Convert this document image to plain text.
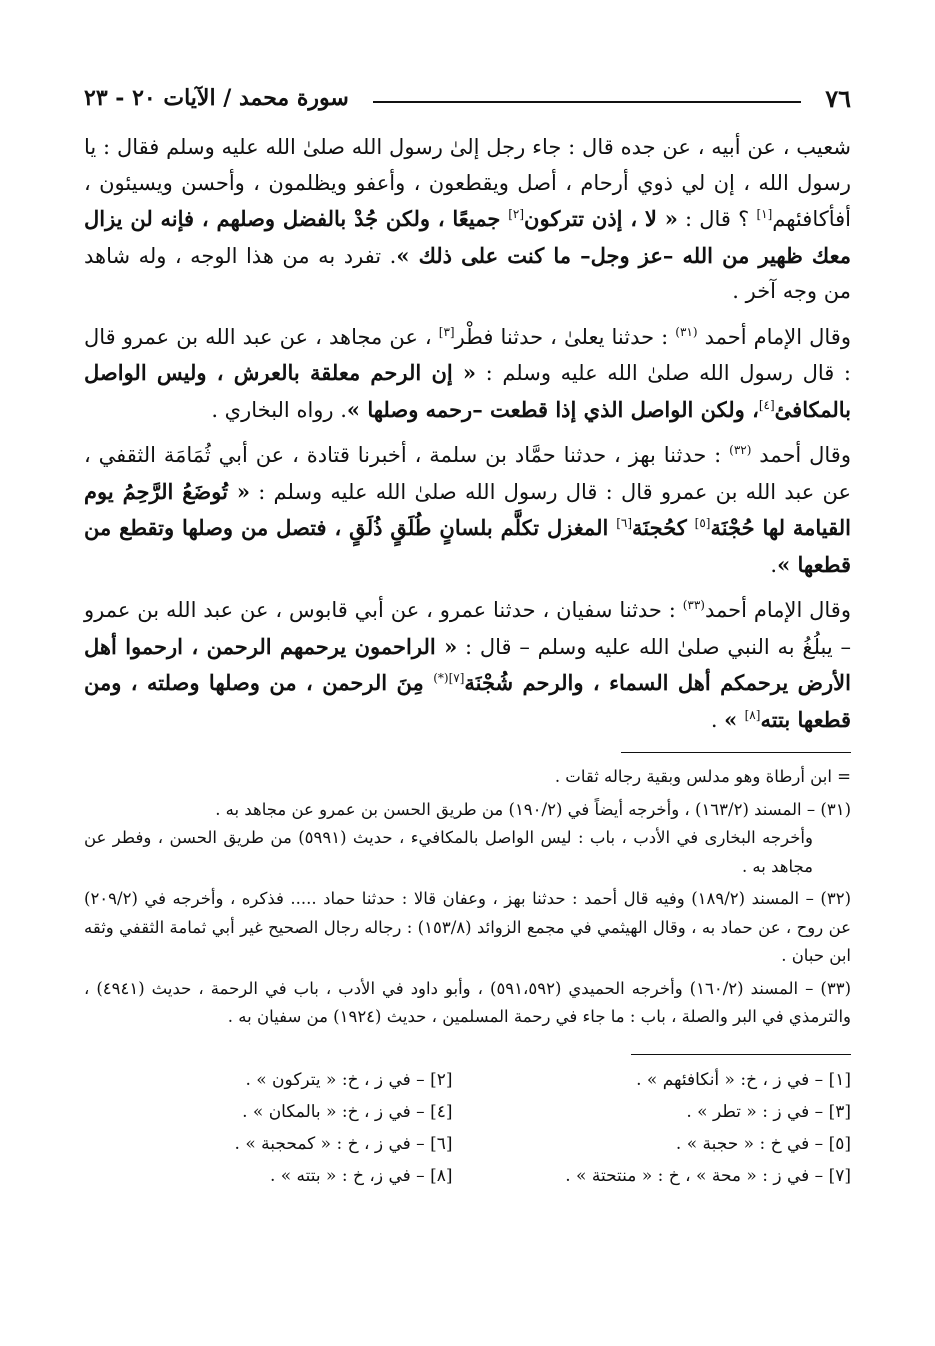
٧٦
سورة محمد / الآيات ٢٠ - ٢٣

شعيب ، عن أبيه ، عن جده قال : جاء رجل إلىٰ رسول الله صلىٰ الله عليه وسلم فقال : يا رسول الله ، إن لي ذوي أرحام ، أصل ويقطعون ، وأعفو ويظلمون ، وأحسن ويسيئون ، أفأكافئهم[١] ؟ قال : « لا ، إذن تتركون[٢] جميعًا ، ولكن جُدْ بالفضل وصلهم ، فإنه لن يزال معك ظهير من الله –عز وجل– ما كنت على ذلك ». تفرد به من هذا الوجه ، وله شاهد من وجه آخر .

وقال الإمام أحمد $^{(٣١)}$ : حدثنا يعلىٰ ، حدثنا فطْر[٣] ، عن مجاهد ، عن عبد الله بن عمرو قال : قال رسول الله صلىٰ الله عليه وسلم : « إن الرحم معلقة بالعرش ، وليس الواصل بالمكافئ[٤]، ولكن الواصل الذي إذا قطعت –رحمه وصلها ». رواه البخاري .

وقال أحمد $^{(٣٢)}$ : حدثنا بهز ، حدثنا حمَّاد بن سلمة ، أخبرنا قتادة ، عن أبي ثُمَامَة الثقفي ، عن عبد الله بن عمرو قال : قال رسول الله صلىٰ الله عليه وسلم : « تُوضَعُ الرَّحِمُ يوم القيامة لها حُجْنَة[٥] كحُجنَة[٦] المغزل تكلَّم بلسانٍ طُلَقٍ ذُلَقٍ ، فتصل من وصلها وتقطع من قطعها ».

وقال الإمام أحمد$^{(٣٣)}$ : حدثنا سفيان ، حدثنا عمرو ، عن أبي قابوس ، عن عبد الله بن عمرو – يبلُغُ به النبي صلىٰ الله عليه وسلم – قال : « الراحمون يرحمهم الرحمن ، ارحموا أهل الأرض يرحمكم أهل السماء ، والرحم شُجْنَة$^{[٧](*)}$ مِنَ الرحمن ، من وصلها وصلته ، ومن قطعها بتته[٨] » .

= ابن أرطاة وهو مدلس وبقية رجاله ثقات .
(٣١) – المسند (١٦٣/٢) ، وأخرجه أيضاً في (١٩٠/٢) من طريق الحسن بن عمرو عن مجاهد به .
وأخرجه البخارى في الأدب ، باب : ليس الواصل بالمكافيء ، حديث (٥٩٩١) من طريق الحسن ، وفطر عن مجاهد به .
(٣٢) – المسند (١٨٩/٢) وفيه قال أحمد : حدثنا بهز ، وعفان قالا : حدثنا حماد ..... فذكره ، وأخرجه في (٢٠٩/٢) عن روح ، عن حماد به ، وقال الهيثمي في مجمع الزوائد (١٥٣/٨) : رجاله رجال الصحيح غير أبي ثمامة الثقفي وثقه ابن حبان .
(٣٣) – المسند (١٦٠/٢) وأخرجه الحميدي (٥٩١،٥٩٢) ، وأبو داود في الأدب ، باب في الرحمة ، حديث (٤٩٤١) ، والترمذي في البر والصلة ، باب : ما جاء في رحمة المسلمين ، حديث (١٩٢٤) من سفيان به .
[١] – في ز ، خ: « أنكافئهم » .
[٢] – في ز ، خ: « يتركون » .
[٣] – في ز : « تطر » .
[٤] – في ز ، خ: « بالمكان » .
[٥] – في خ : « حجبة » .
[٦] – في ز ، خ : « كمحجبة » .
[٧] – في ز : « محة » ، خ : « منتحتة » .
[٨] – في ز، خ : « بتته » .
